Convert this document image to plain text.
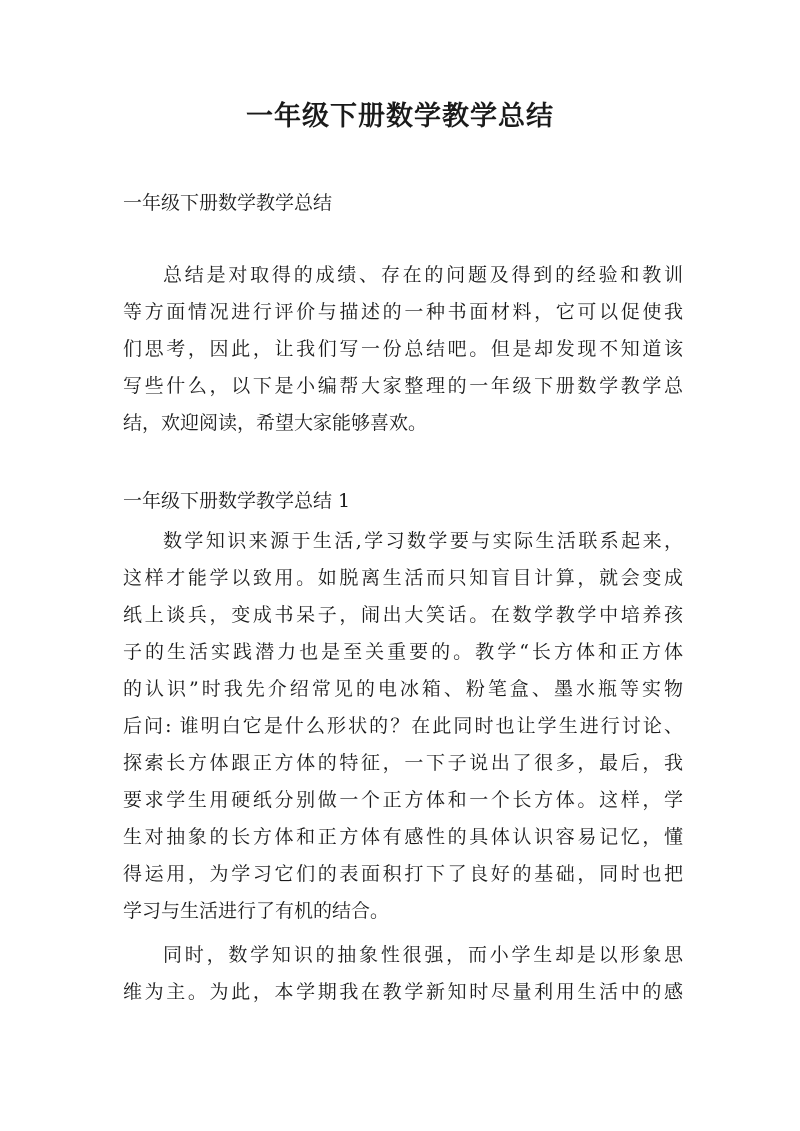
一年级下册数学教学总结
一年级下册数学教学总结
总结是对取得的成绩、存在的问题及得到的经验和教训
等方面情况进行评价与描述的一种书面材料，它可以促使我
们思考，因此，让我们写一份总结吧。但是却发现不知道该
写些什么，以下是小编帮大家整理的一年级下册数学教学总
结，欢迎阅读，希望大家能够喜欢。
一年级下册数学教学总结 1
数学知识来源于生活,学习数学要与实际生活联系起来，
这样才能学以致用。如脱离生活而只知盲目计算，就会变成
纸上谈兵，变成书呆子，闹出大笑话。在数学教学中培养孩
子的生活实践潜力也是至关重要的。教学“长方体和正方体
的认识”时我先介绍常见的电冰箱、粉笔盒、墨水瓶等实物
后问: 谁明白它是什么形状的？在此同时也让学生进行讨论、
探索长方体跟正方体的特征，一下子说出了很多，最后，我
要求学生用硬纸分别做一个正方体和一个长方体。这样，学
生对抽象的长方体和正方体有感性的具体认识容易记忆，懂
得运用，为学习它们的表面积打下了良好的基础，同时也把
学习与生活进行了有机的结合。
同时，数学知识的抽象性很强，而小学生却是以形象思
维为主。为此，本学期我在教学新知时尽量利用生活中的感
